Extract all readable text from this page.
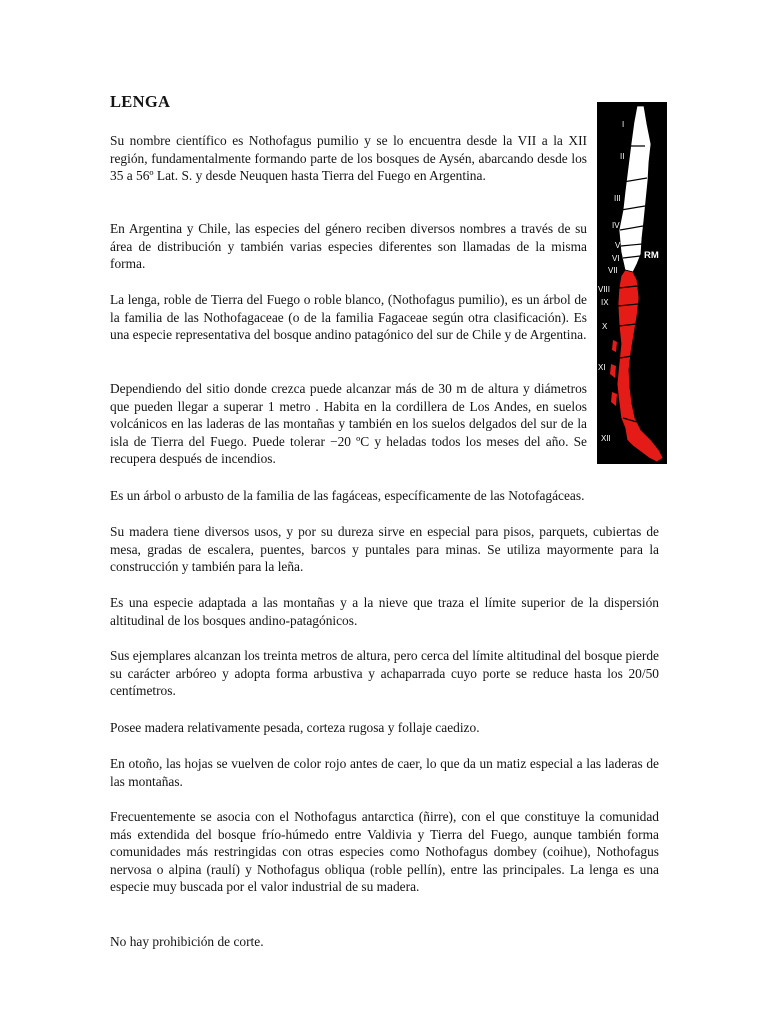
LENGA

Su nombre científico es Nothofagus pumilio y se lo encuentra desde la VII a la XII región, fundamentalmente formando parte de los bosques de Aysén, abarcando desde los 35 a 56º Lat. S. y desde Neuquen hasta Tierra del Fuego en Argentina.

En Argentina y Chile, las especies del género reciben diversos nombres a través de su área de distribución y también varias especies diferentes son llamadas de la misma forma.

La lenga, roble de Tierra del Fuego o roble blanco, (Nothofagus pumilio), es un árbol de la familia de las Nothofagaceae (o de la familia Fagaceae según otra clasificación). Es una especie representativa del bosque andino patagónico del sur de Chile y de Argentina.

Dependiendo del sitio donde crezca puede alcanzar más de 30 m de altura y diámetros que pueden llegar a superar 1 metro . Habita en la cordillera de Los Andes, en suelos volcánicos en las laderas de las montañas y también en los suelos delgados del sur de la isla de Tierra del Fuego. Puede tolerar −20 ºC y heladas todos los meses del año. Se recupera después de incendios.

Es un árbol o arbusto de la familia de las fagáceas, específicamente de las Notofagáceas.

Su madera tiene diversos usos, y por su dureza sirve en especial para pisos, parquets, cubiertas de mesa, gradas de escalera, puentes, barcos y puntales para minas. Se utiliza mayormente para la construcción y también para la leña.

Es una especie adaptada a las montañas y a la nieve que traza el límite superior de la dispersión altitudinal de los bosques andino-patagónicos.

Sus ejemplares alcanzan los treinta metros de altura, pero cerca del límite altitudinal del bosque pierde su carácter arbóreo y adopta forma arbustiva y achaparrada cuyo porte se reduce hasta los 20/50 centímetros.

Posee madera relativamente pesada, corteza rugosa y follaje caedizo.

En otoño, las hojas se vuelven de color rojo antes de caer, lo que da un matiz especial a las laderas de las montañas.

Frecuentemente se asocia con el Nothofagus antarctica (ñirre), con el que constituye la comunidad más extendida del bosque frío-húmedo entre Valdivia y Tierra del Fuego, aunque también forma comunidades más restringidas con otras especies como Nothofagus dombey (coihue), Nothofagus nervosa o alpina (raulí) y Nothofagus obliqua (roble pellín), entre las principales. La lenga es una especie muy buscada por el valor industrial de su madera.

No hay prohibición de corte.

I
II
III
IV
V
RM
VI
VII
VIII
IX
X
XI
XII
